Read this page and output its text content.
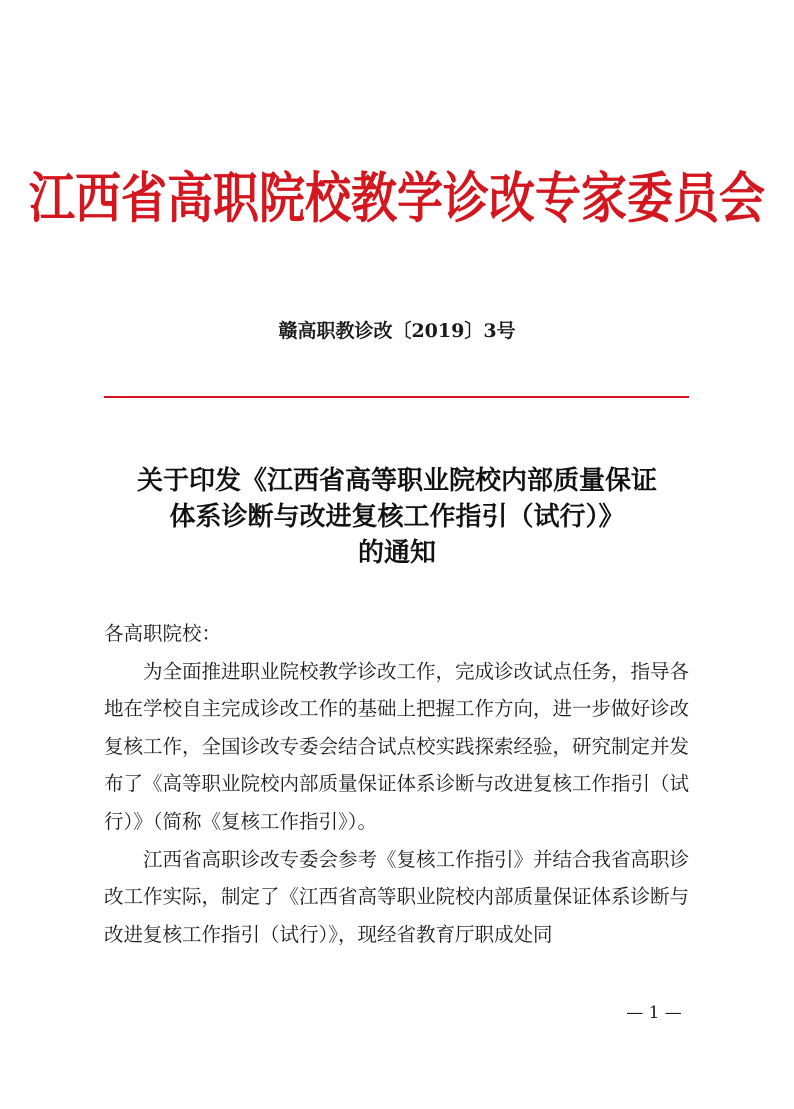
江西省高职院校教学诊改专家委员会
赣高职教诊改〔2019〕3号
关于印发《江西省高等职业院校内部质量保证
体系诊断与改进复核工作指引（试行）》
的通知
各高职院校：

为全面推进职业院校教学诊改工作，完成诊改试点任务，指导各地在学校自主完成诊改工作的基础上把握工作方向，进一步做好诊改复核工作，全国诊改专委会结合试点校实践探索经验，研究制定并发布了《高等职业院校内部质量保证体系诊断与改进复核工作指引（试行）》（简称《复核工作指引》）。

江西省高职诊改专委会参考《复核工作指引》并结合我省高职诊改工作实际，制定了《江西省高等职业院校内部质量保证体系诊断与改进复核工作指引（试行）》，现经省教育厅职成处同

— 1 —
